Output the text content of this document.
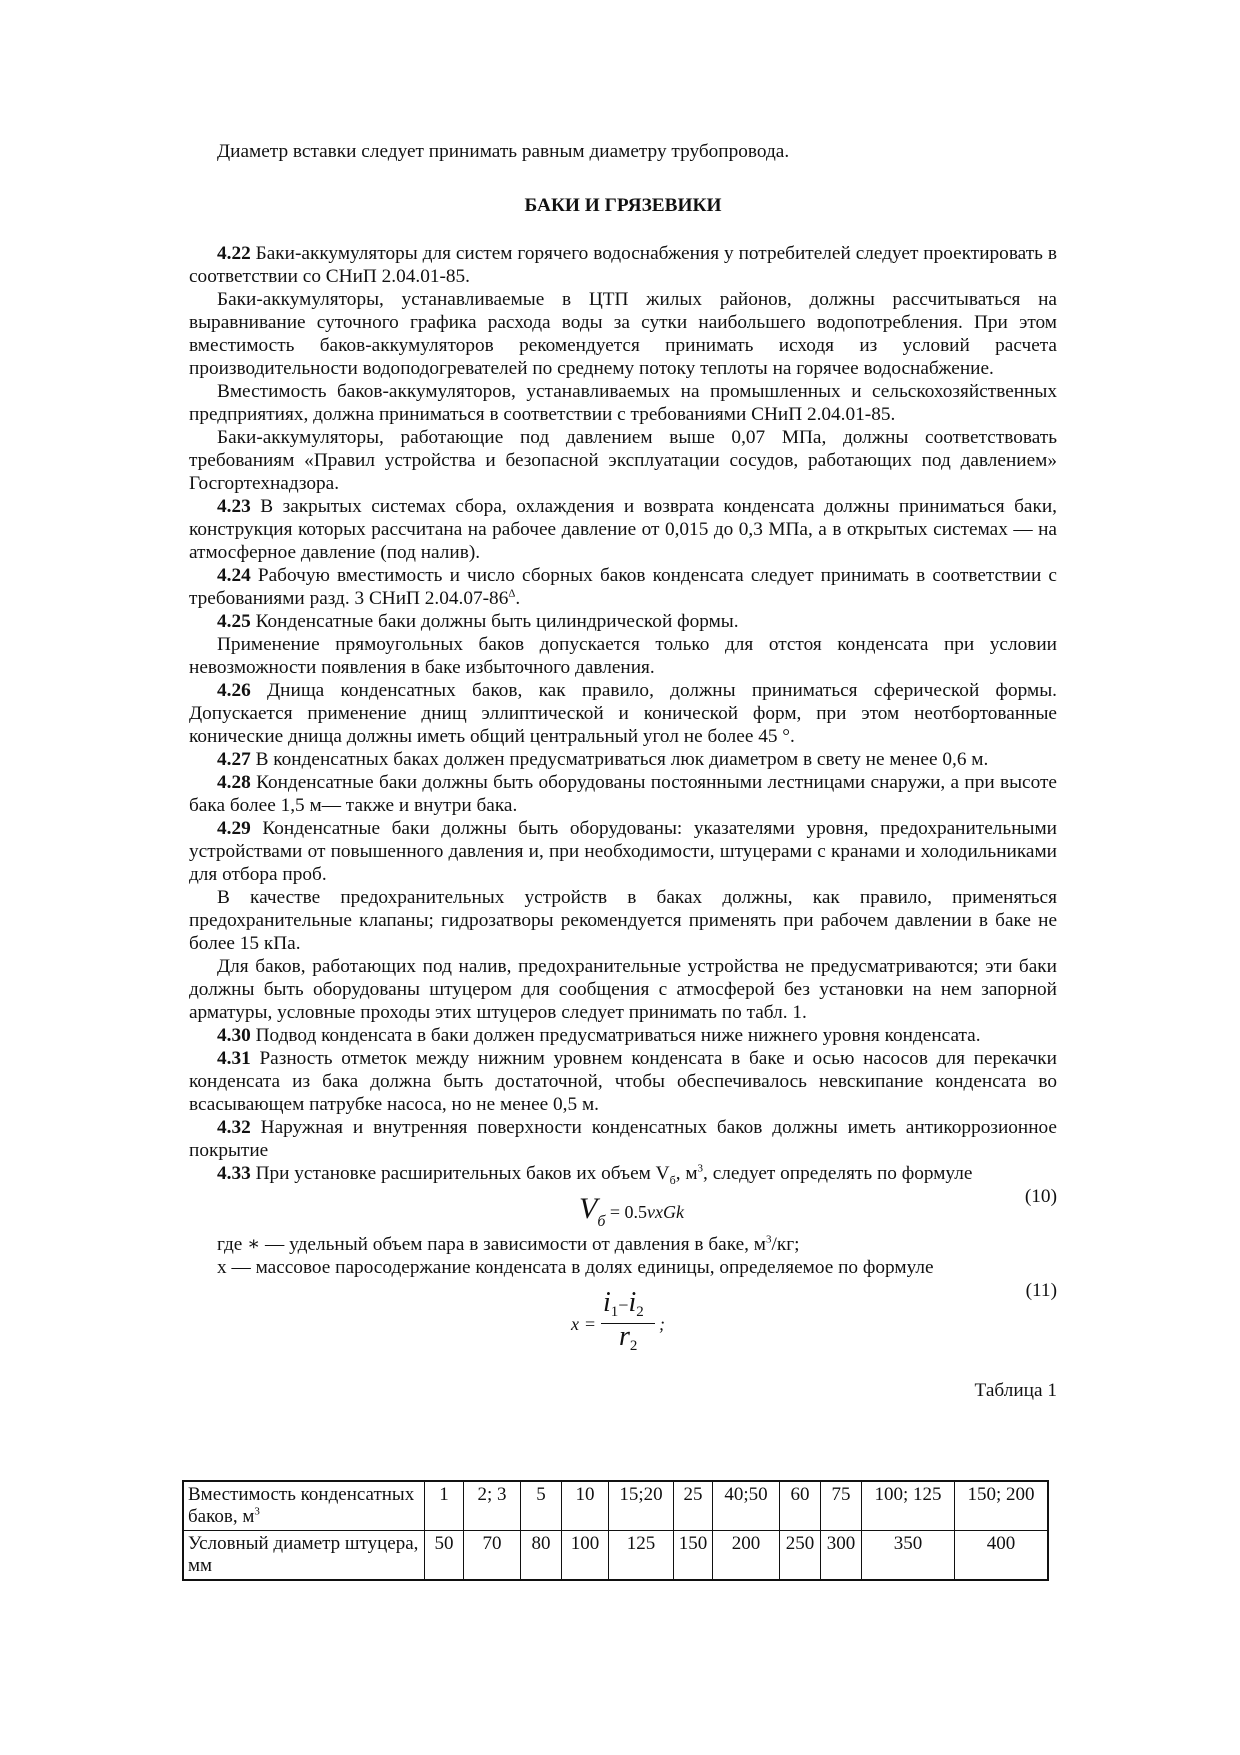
Диаметр вставки следует принимать равным диаметру трубопровода.

БАКИ И ГРЯЗЕВИКИ

4.22 Баки-аккумуляторы для систем горячего водоснабжения у потребителей следует проектировать в соответствии со СНиП 2.04.01-85.

Баки-аккумуляторы, устанавливаемые в ЦТП жилых районов, должны рассчитываться на выравнивание суточного графика расхода воды за сутки наибольшего водопотребления. При этом вместимость баков-аккумуляторов рекомендуется принимать исходя из условий расчета производительности водоподогревателей по среднему потоку теплоты на горячее водоснабжение.

Вместимость баков-аккумуляторов, устанавливаемых на промышленных и сельскохозяйственных предприятиях, должна приниматься в соответствии с требованиями СНиП 2.04.01-85.

Баки-аккумуляторы, работающие под давлением выше 0,07 МПа, должны соответствовать требованиям «Правил устройства и безопасной эксплуатации сосудов, работающих под давлением» Госгортехнадзора.

4.23 В закрытых системах сбора, охлаждения и возврата конденсата должны приниматься баки, конструкция которых рассчитана на рабочее давление от 0,015 до 0,3 МПа, а в открытых системах — на атмосферное давление (под налив).

4.24 Рабочую вместимость и число сборных баков конденсата следует принимать в соответствии с требованиями разд. 3 СНиП $2.04.07-86^\Delta$.

4.25 Конденсатные баки должны быть цилиндрической формы.

Применение прямоугольных баков допускается только для отстоя конденсата при условии невозможности появления в баке избыточного давления.

4.26 Днища конденсатных баков, как правило, должны приниматься сферической формы. Допускается применение днищ эллиптической и конической форм, при этом неотбортованные конические днища должны иметь общий центральный угол не более 45 °.

4.27 В конденсатных баках должен предусматриваться люк диаметром в свету не менее 0,6 м.

4.28 Конденсатные баки должны быть оборудованы постоянными лестницами снаружи, а при высоте бака более 1,5 м— также и внутри бака.

4.29 Конденсатные баки должны быть оборудованы: указателями уровня, предохранительными устройствами от повышенного давления и, при необходимости, штуцерами с кранами и холодильниками для отбора проб.

В качестве предохранительных устройств в баках должны, как правило, применяться предохранительные клапаны; гидрозатворы рекомендуется применять при рабочем давлении в баке не более 15 кПа.

Для баков, работающих под налив, предохранительные устройства не предусматриваются; эти баки должны быть оборудованы штуцером для сообщения с атмосферой без установки на нем запорной арматуры, условные проходы этих штуцеров следует принимать по табл. 1.

4.30 Подвод конденсата в баки должен предусматриваться ниже нижнего уровня конденсата.

4.31 Разность отметок между нижним уровнем конденсата в баке и осью насосов для перекачки конденсата из бака должна быть достаточной, чтобы обеспечивалось невскипание конденсата во всасывающем патрубке насоса, но не менее 0,5 м.

4.32 Наружная и внутренняя поверхности конденсатных баков должны иметь антикоррозионное покрытие

4.33 При установке расширительных баков их объем $V_б$, $м^3$, следует определять по формуле

(10)
$V_б$ = 0.5vxGk

где ∗ — удельный объем пара в зависимости от давления в баке, $м^3/кг$;

х — массовое паросодержание конденсата в долях единицы, определяемое по формуле

(11)
x =
$i_1-i_2$
;
$r_2$
Таблица 1
Вместимость конденсатных баков, $м^3$	1	2; 3	5	10	15;20	25	40;50	60	75	100; 125	150; 200
Условный диаметр штуцера, мм	50	70	80	100	125	150	200	250	300	350	400
